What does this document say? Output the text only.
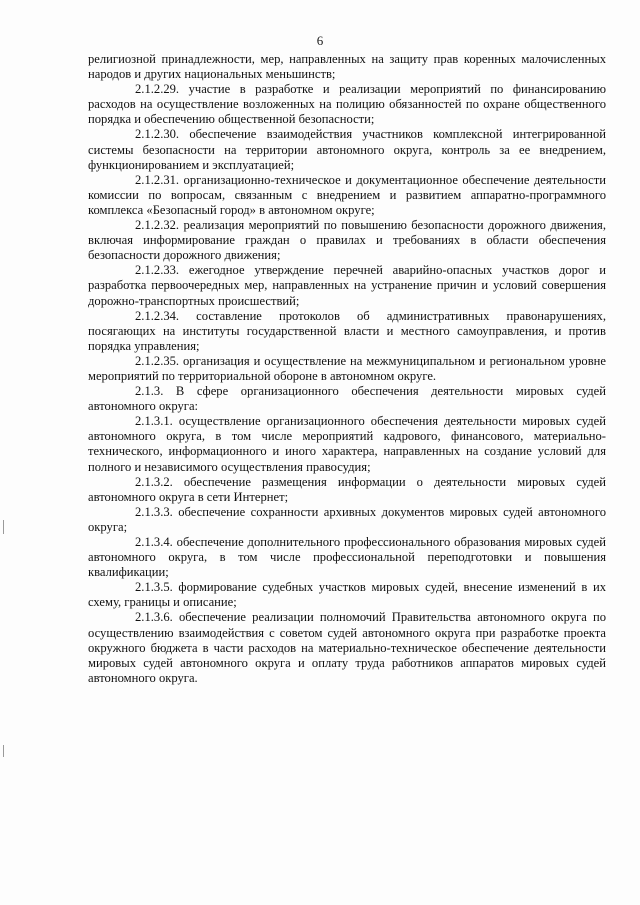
6

религиозной принадлежности, мер, направленных на защиту прав коренных малочисленных народов и других национальных меньшинств;

2.1.2.29. участие в разработке и реализации мероприятий по финансированию расходов на осуществление возложенных на полицию обязанностей по охране общественного порядка и обеспечению общественной безопасности;

2.1.2.30. обеспечение взаимодействия участников комплексной интегрированной системы безопасности на территории автономного округа, контроль за ее внедрением, функционированием и эксплуатацией;

2.1.2.31. организационно-техническое и документационное обеспечение деятельности комиссии по вопросам, связанным с внедрением и развитием аппаратно-программного комплекса «Безопасный город» в автономном округе;

2.1.2.32. реализация мероприятий по повышению безопасности дорожного движения, включая информирование граждан о правилах и требованиях в области обеспечения безопасности дорожного движения;

2.1.2.33. ежегодное утверждение перечней аварийно-опасных участков дорог и разработка первоочередных мер, направленных на устранение причин и условий совершения дорожно-транспортных происшествий;

2.1.2.34. составление протоколов об административных правонарушениях, посягающих на институты государственной власти и местного самоуправления, и против порядка управления;

2.1.2.35. организация и осуществление на межмуниципальном и региональном уровне мероприятий по территориальной обороне в автономном округе.

2.1.3. В сфере организационного обеспечения деятельности мировых судей автономного округа:

2.1.3.1. осуществление организационного обеспечения деятельности мировых судей автономного округа, в том числе мероприятий кадрового, финансового, материально-технического, информационного и иного характера, направленных на создание условий для полного и независимого осуществления правосудия;

2.1.3.2. обеспечение размещения информации о деятельности мировых судей автономного округа в сети Интернет;

2.1.3.3. обеспечение сохранности архивных документов мировых судей автономного округа;

2.1.3.4. обеспечение дополнительного профессионального образования мировых судей автономного округа, в том числе профессиональной переподготовки и повышения квалификации;

2.1.3.5. формирование судебных участков мировых судей, внесение изменений в их схему, границы и описание;

2.1.3.6. обеспечение реализации полномочий Правительства автономного округа по осуществлению взаимодействия с советом судей автономного округа при разработке проекта окружного бюджета в части расходов на материально-техническое обеспечение деятельности мировых судей автономного округа и оплату труда работников аппаратов мировых судей автономного округа.
